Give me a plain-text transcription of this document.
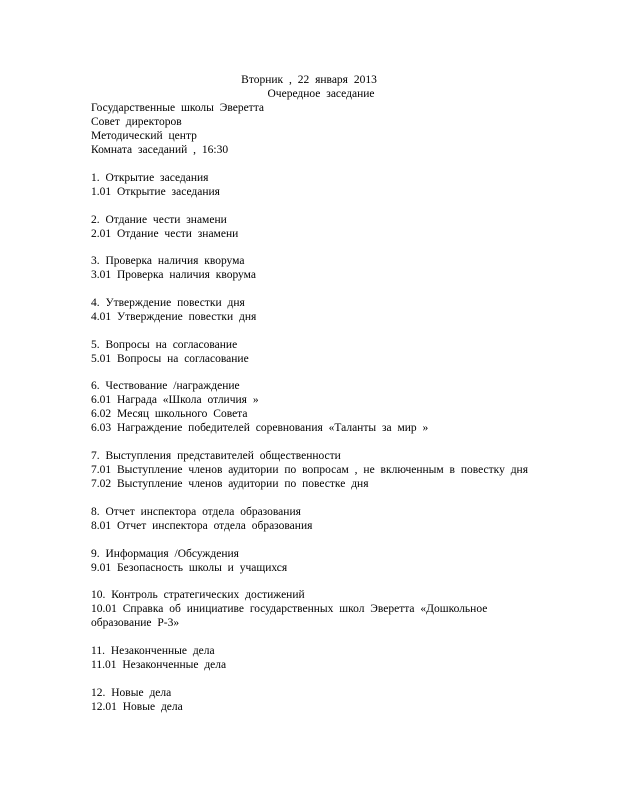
Вторник , 22 января 2013
Очередное заседание
Государственные школы Эверетта
Совет директоров
Методический центр
Комната заседаний , 16:30
1. Открытие заседания
1.01 Открытие заседания
2. Отдание чести знамени
2.01 Отдание чести знамени
3. Проверка наличия кворума
3.01 Проверка наличия кворума
4. Утверждение повестки дня
4.01 Утверждение повестки дня
5. Вопросы на согласование
5.01 Вопросы на согласование
6. Чествование /награждение
6.01 Награда «Школа отличия »
6.02 Месяц школьного Совета
6.03 Награждение победителей соревнования «Таланты за мир »
7. Выступления представителей общественности
7.01 Выступление членов аудитории по вопросам , не включенным в повестку дня
7.02 Выступление членов аудитории по повестке дня
8. Отчет инспектора отдела образования
8.01 Отчет инспектора отдела образования
9. Информация /Обсуждения
9.01 Безопасность школы и учащихся
10. Контроль стратегических достижений
10.01 Справка об инициативе государственных школ Эверетта «Дошкольное образование Р-3»
11. Незаконченные дела
11.01 Незаконченные дела
12. Новые дела
12.01 Новые дела
